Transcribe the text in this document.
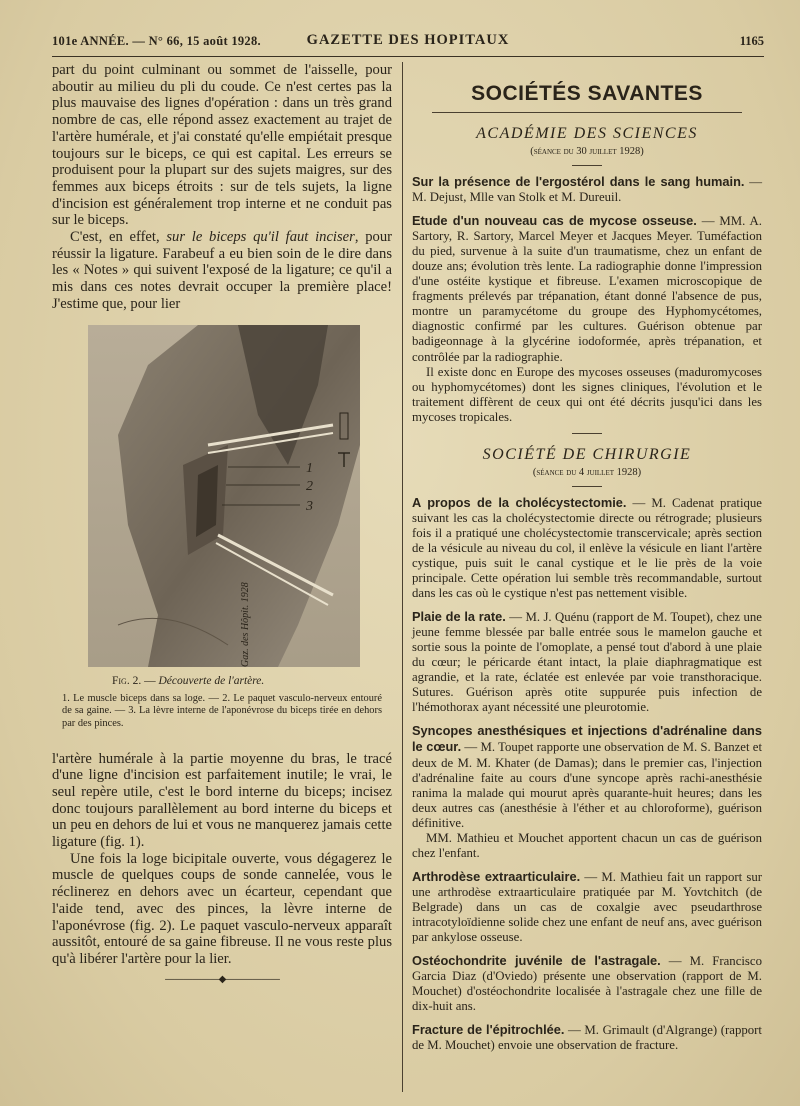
101e ANNÉE. — N° 66, 15 août 1928.	GAZETTE DES HOPITAUX	1165

part du point culminant ou sommet de l'aisselle, pour aboutir au milieu du pli du coude. Ce n'est certes pas la plus mauvaise des lignes d'opération : dans un très grand nombre de cas, elle répond assez exactement au trajet de l'artère humérale, et j'ai constaté qu'elle empiétait presque toujours sur le biceps, ce qui est capital. Les erreurs se produisent pour la plupart sur des sujets maigres, sur des femmes aux biceps étroits : sur de tels sujets, la ligne d'incision est généralement trop interne et ne conduit pas sur le biceps.

C'est, en effet, sur le biceps qu'il faut inciser, pour réussir la ligature. Farabeuf a eu bien soin de le dire dans les « Notes » qui suivent l'exposé de la ligature; ce qu'il a mis dans ces notes devrait occuper la première place! J'estime que, pour lier

1
2
3
Gaz. des Hôpit. 1928
Fig. 2. — Découverte de l'artère.
1. Le muscle biceps dans sa loge. — 2. Le paquet vasculo-nerveux entouré de sa gaine. — 3. La lèvre interne de l'aponévrose du biceps tirée en dehors par des pinces.

l'artère humérale à la partie moyenne du bras, le tracé d'une ligne d'incision est parfaitement inutile; le vrai, le seul repère utile, c'est le bord interne du biceps; incisez donc toujours parallèlement au bord interne du biceps et un peu en dehors de lui et vous ne manquerez jamais cette ligature (fig. 1).

Une fois la loge bicipitale ouverte, vous dégagerez le muscle de quelques coups de sonde cannelée, vous le réclinerez en dehors avec un écarteur, cependant que l'aide tend, avec des pinces, la lèvre interne de l'aponévrose (fig. 2). Le paquet vasculo-nerveux apparaît aussitôt, entouré de sa gaine fibreuse. Il ne vous reste plus qu'à libérer l'artère pour la lier.

——————◆——————
SOCIÉTÉS SAVANTES
ACADÉMIE DES SCIENCES
(séance du 30 juillet 1928)

Sur la présence de l'ergostérol dans le sang humain. — M. Dejust, Mlle van Stolk et M. Dureuil.

Etude d'un nouveau cas de mycose osseuse. — MM. A. Sartory, R. Sartory, Marcel Meyer et Jacques Meyer. Tuméfaction du pied, survenue à la suite d'un traumatisme, chez un enfant de douze ans; évolution très lente. La radiographie donne l'impression d'une ostéite kystique et fibreuse. L'examen microscopique de fragments prélevés par trépanation, étant donné l'absence de pus, montre un paramycétome du groupe des Hyphomycétomes, diagnostic confirmé par les cultures. Guérison obtenue par badigeonnage à la glycérine iodoformée, après trépanation, et contrôlée par la radiographie.

Il existe donc en Europe des mycoses osseuses (maduromycoses ou hyphomycétomes) dont les signes cliniques, l'évolution et le traitement diffèrent de ceux qui ont été décrits jusqu'ici dans les mycoses tropicales.

SOCIÉTÉ DE CHIRURGIE
(séance du 4 juillet 1928)

A propos de la cholécystectomie. — M. Cadenat pratique suivant les cas la cholécystectomie directe ou rétrograde; plusieurs fois il a pratiqué une cholécystectomie transcervicale; après section de la vésicule au niveau du col, il enlève la vésicule en liant l'artère cystique, puis suit le canal cystique et le lie près de la voie principale. Cette opération lui semble très recommandable, surtout dans les cas où le cystique n'est pas nettement visible.

Plaie de la rate. — M. J. Quénu (rapport de M. Toupet), chez une jeune femme blessée par balle entrée sous le mamelon gauche et sortie sous la pointe de l'omoplate, a pensé tout d'abord à une plaie du cœur; le péricarde étant intact, la plaie diaphragmatique est agrandie, et la rate, éclatée est enlevée par voie transthoracique. Sutures. Guérison après otite suppurée puis infection de l'hémothorax ayant nécessité une pleurotomie.

Syncopes anesthésiques et injections d'adrénaline dans le cœur. — M. Toupet rapporte une observation de M. S. Banzet et deux de M. M. Khater (de Damas); dans le premier cas, l'injection d'adrénaline faite au cours d'une syncope après rachi-anesthésie ranima la malade qui mourut après quarante-huit heures; dans les deux autres cas (anesthésie à l'éther et au chloroforme), guérison définitive.

MM. Mathieu et Mouchet apportent chacun un cas de guérison chez l'enfant.

Arthrodèse extraarticulaire. — M. Mathieu fait un rapport sur une arthrodèse extraarticulaire pratiquée par M. Yovtchitch (de Belgrade) dans un cas de coxalgie avec pseudarthrose intracotyloïdienne solide chez une enfant de neuf ans, avec guérison par ankylose osseuse.

Ostéochondrite juvénile de l'astragale. — M. Francisco Garcia Diaz (d'Oviedo) présente une observation (rapport de M. Mouchet) d'ostéochondrite localisée à l'astragale chez une fille de dix-huit ans.

Fracture de l'épitrochlée. — M. Grimault (d'Algrange) (rapport de M. Mouchet) envoie une observation de fracture.
